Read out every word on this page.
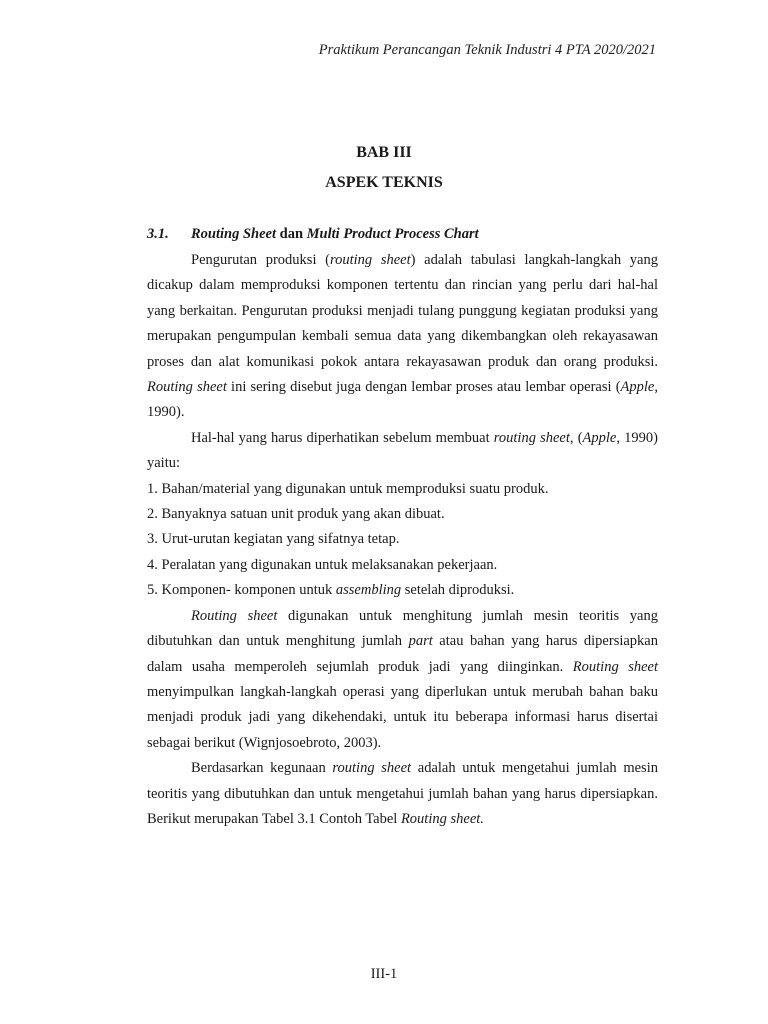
Praktikum Perancangan Teknik Industri 4 PTA 2020/2021
BAB III
ASPEK TEKNIS
3.1. Routing Sheet dan Multi Product Process Chart

Pengurutan produksi (routing sheet) adalah tabulasi langkah-langkah yang dicakup dalam memproduksi komponen tertentu dan rincian yang perlu dari hal-hal yang berkaitan. Pengurutan produksi menjadi tulang punggung kegiatan produksi yang merupakan pengumpulan kembali semua data yang dikembangkan oleh rekayasawan proses dan alat komunikasi pokok antara rekayasawan produk dan orang produksi. Routing sheet ini sering disebut juga dengan lembar proses atau lembar operasi (Apple, 1990).

Hal-hal yang harus diperhatikan sebelum membuat routing sheet, (Apple, 1990) yaitu:

1. Bahan/material yang digunakan untuk memproduksi suatu produk.
2. Banyaknya satuan unit produk yang akan dibuat.
3. Urut-urutan kegiatan yang sifatnya tetap.
4. Peralatan yang digunakan untuk melaksanakan pekerjaan.
5. Komponen- komponen untuk assembling setelah diproduksi.

Routing sheet digunakan untuk menghitung jumlah mesin teoritis yang dibutuhkan dan untuk menghitung jumlah part atau bahan yang harus dipersiapkan dalam usaha memperoleh sejumlah produk jadi yang diinginkan. Routing sheet menyimpulkan langkah-langkah operasi yang diperlukan untuk merubah bahan baku menjadi produk jadi yang dikehendaki, untuk itu beberapa informasi harus disertai sebagai berikut (Wignjosoebroto, 2003).

Berdasarkan kegunaan routing sheet adalah untuk mengetahui jumlah mesin teoritis yang dibutuhkan dan untuk mengetahui jumlah bahan yang harus dipersiapkan. Berikut merupakan Tabel 3.1 Contoh Tabel Routing sheet.

III-1
